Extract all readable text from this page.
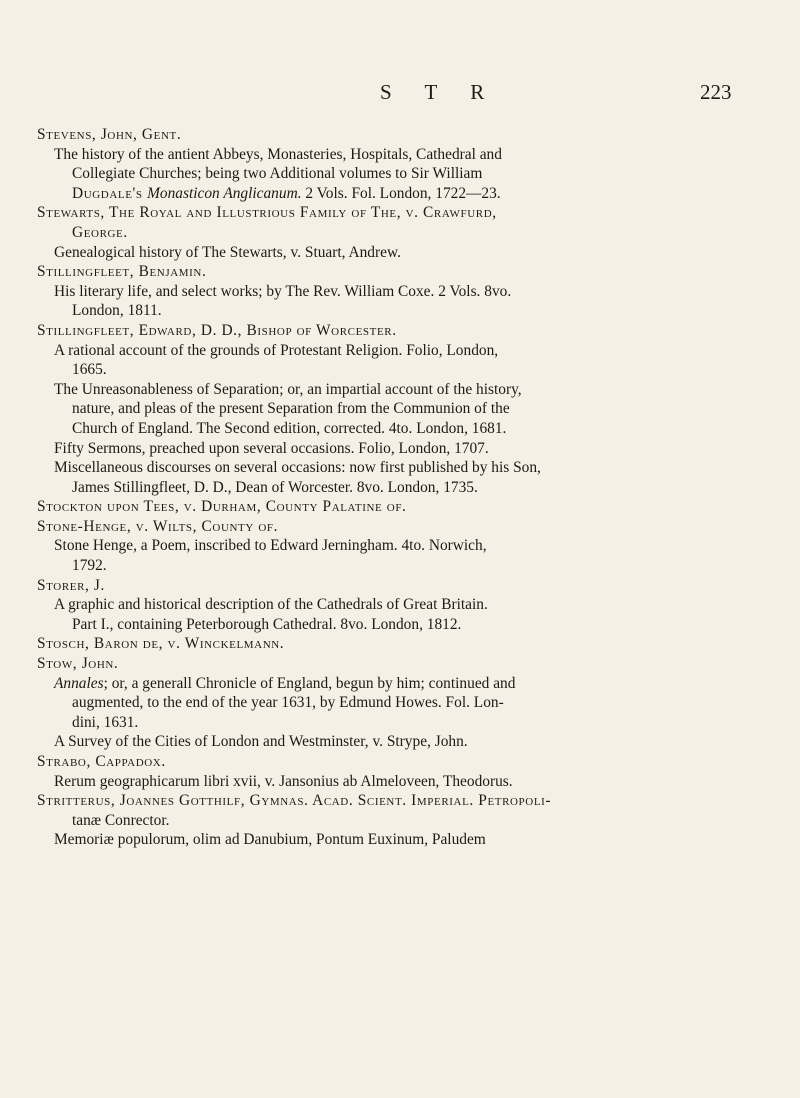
S T R	223
Stevens, John, Gent.
The history of the antient Abbeys, Monasteries, Hospitals, Cathedral and
Collegiate Churches; being two Additional volumes to Sir William
Dugdale's Monasticon Anglicanum. 2 Vols. Fol. London, 1722—23.
Stewarts, The Royal and Illustrious Family of The, v. Crawfurd,
George.
Genealogical history of The Stewarts, v. Stuart, Andrew.
Stillingfleet, Benjamin.
His literary life, and select works; by The Rev. William Coxe. 2 Vols. 8vo.
London, 1811.
Stillingfleet, Edward, D. D., Bishop of Worcester.
A rational account of the grounds of Protestant Religion. Folio, London,
1665.
The Unreasonableness of Separation; or, an impartial account of the history,
nature, and pleas of the present Separation from the Communion of the
Church of England. The Second edition, corrected. 4to. London, 1681.
Fifty Sermons, preached upon several occasions. Folio, London, 1707.
Miscellaneous discourses on several occasions: now first published by his Son,
James Stillingfleet, D. D., Dean of Worcester. 8vo. London, 1735.
Stockton upon Tees, v. Durham, County Palatine of.
Stone-Henge, v. Wilts, County of.
Stone Henge, a Poem, inscribed to Edward Jerningham. 4to. Norwich,
1792.
Storer, J.
A graphic and historical description of the Cathedrals of Great Britain.
Part I., containing Peterborough Cathedral. 8vo. London, 1812.
Stosch, Baron de, v. Winckelmann.
Stow, John.
Annales; or, a generall Chronicle of England, begun by him; continued and
augmented, to the end of the year 1631, by Edmund Howes. Fol. Lon-
dini, 1631.
A Survey of the Cities of London and Westminster, v. Strype, John.
Strabo, Cappadox.
Rerum geographicarum libri xvii, v. Jansonius ab Almeloveen, Theodorus.
Stritterus, Joannes Gotthilf, Gymnas. Acad. Scient. Imperial. Petropoli-
tanæ Conrector.
Memoriæ populorum, olim ad Danubium, Pontum Euxinum, Paludem
